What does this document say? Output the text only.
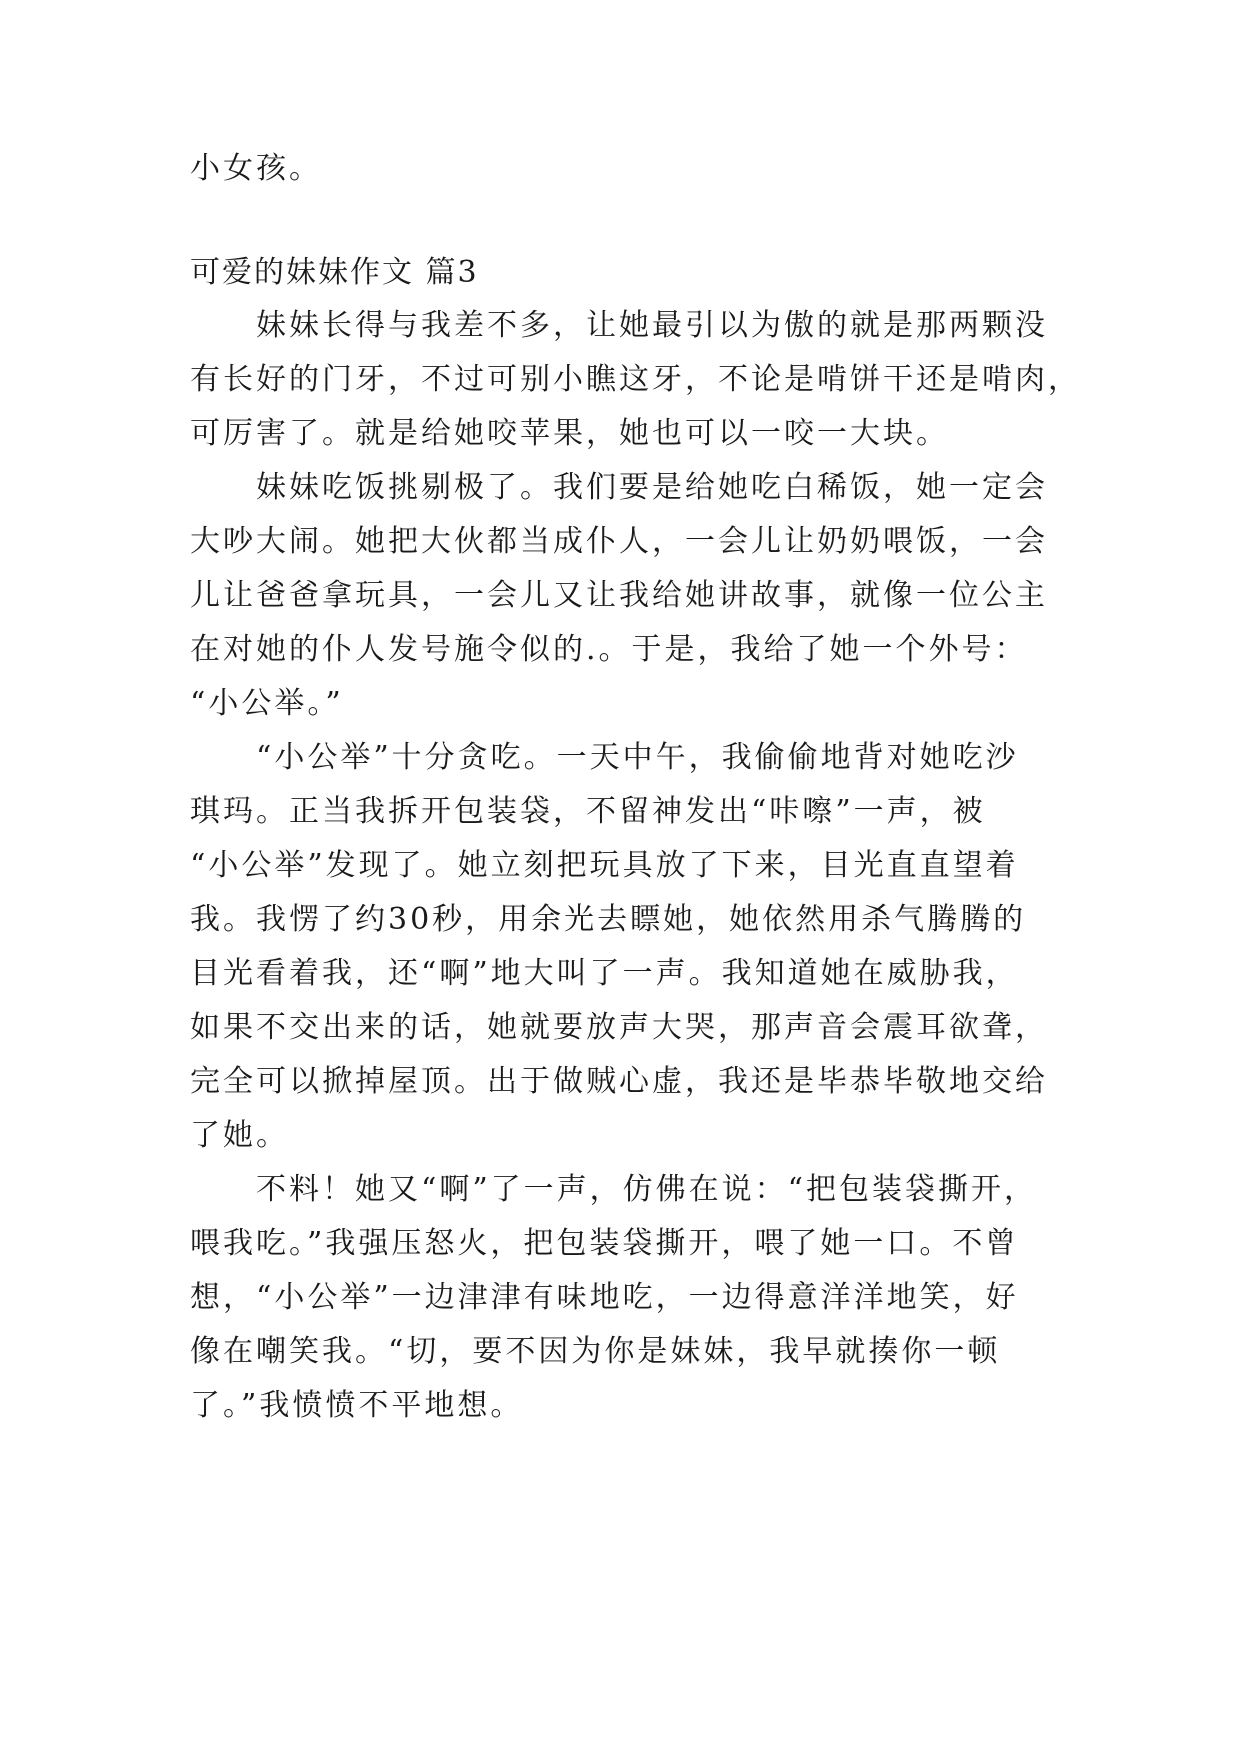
小女孩。

可爱的妹妹作文 篇3

　　妹妹长得与我差不多，让她最引以为傲的就是那两颗没

有长好的门牙，不过可别小瞧这牙，不论是啃饼干还是啃肉，

可厉害了。就是给她咬苹果，她也可以一咬一大块。

　　妹妹吃饭挑剔极了。我们要是给她吃白稀饭，她一定会

大吵大闹。她把大伙都当成仆人，一会儿让奶奶喂饭，一会

儿让爸爸拿玩具，一会儿又让我给她讲故事，就像一位公主

在对她的仆人发号施令似的.。于是，我给了她一个外号：

“小公举。”

　　“小公举”十分贪吃。一天中午，我偷偷地背对她吃沙

琪玛。正当我拆开包装袋，不留神发出“咔嚓”一声，被

“小公举”发现了。她立刻把玩具放了下来，目光直直望着

我。我愣了约30秒，用余光去瞟她，她依然用杀气腾腾的

目光看着我，还“啊”地大叫了一声。我知道她在威胁我，

如果不交出来的话，她就要放声大哭，那声音会震耳欲聋，

完全可以掀掉屋顶。出于做贼心虚，我还是毕恭毕敬地交给

了她。

　　不料！她又“啊”了一声，仿佛在说：“把包装袋撕开，

喂我吃。”我强压怒火，把包装袋撕开，喂了她一口。不曾

想，“小公举”一边津津有味地吃，一边得意洋洋地笑，好

像在嘲笑我。“切，要不因为你是妹妹，我早就揍你一顿

了。”我愤愤不平地想。
